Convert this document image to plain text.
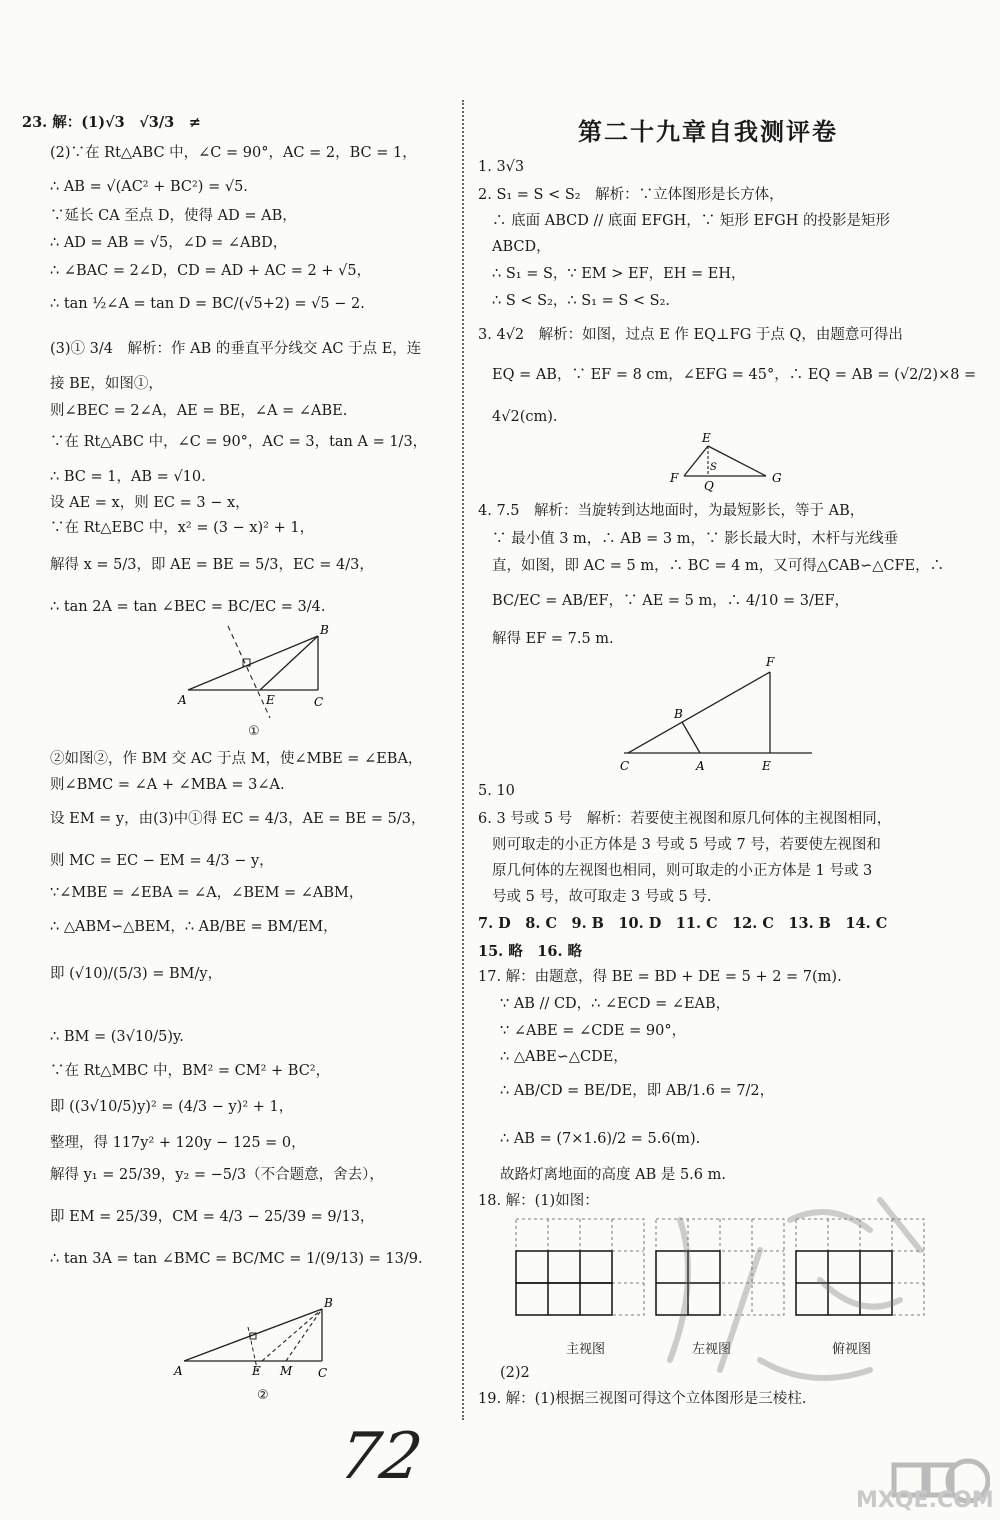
23. 解：(1)√3　√3/3　≠
(2)∵在 Rt△ABC 中，∠C = 90°，AC = 2，BC = 1，
∴ AB = √(AC² + BC²) = √5.
∵延长 CA 至点 D，使得 AD = AB，
∴ AD = AB = √5，∠D = ∠ABD，
∴ ∠BAC = 2∠D，CD = AD + AC = 2 + √5，
∴ tan ½∠A = tan D = BC/(√5+2) = √5 − 2.
(3)① 3/4　解析：作 AB 的垂直平分线交 AC 于点 E，连
接 BE，如图①，
则∠BEC = 2∠A，AE = BE，∠A = ∠ABE.
∵在 Rt△ABC 中，∠C = 90°，AC = 3，tan A = 1/3，
∴ BC = 1，AB = √10.
设 AE = x，则 EC = 3 − x，
∵在 Rt△EBC 中，x² = (3 − x)² + 1，
解得 x = 5/3，即 AE = BE = 5/3，EC = 4/3，
∴ tan 2A = tan ∠BEC = BC/EC = 3/4.
A
B
C
E
①
②如图②，作 BM 交 AC 于点 M，使∠MBE = ∠EBA，
则∠BMC = ∠A + ∠MBA = 3∠A.
设 EM = y，由(3)中①得 EC = 4/3，AE = BE = 5/3，
则 MC = EC − EM = 4/3 − y，
∵∠MBE = ∠EBA = ∠A，∠BEM = ∠ABM，
∴ △ABM∽△BEM，∴ AB/BE = BM/EM，
即 (√10)/(5/3) = BM/y，
∴ BM = (3√10/5)y.
∵在 Rt△MBC 中，BM² = CM² + BC²，
即 ((3√10/5)y)² = (4/3 − y)² + 1，
整理，得 117y² + 120y − 125 = 0，
解得 y₁ = 25/39，y₂ = −5/3（不合题意，舍去），
即 EM = 25/39，CM = 4/3 − 25/39 = 9/13，
∴ tan 3A = tan ∠BMC = BC/MC = 1/(9/13) = 13/9.
A
B
C
E M
②
第二十九章自我测评卷
1. 3√3
2. S₁ = S < S₂　解析：∵立体图形是长方体，
∴ 底面 ABCD // 底面 EFGH，∵ 矩形 EFGH 的投影是矩形
ABCD，
∴ S₁ = S，∵ EM > EF，EH = EH，
∴ S < S₂，∴ S₁ = S < S₂.
3. 4√2　解析：如图，过点 E 作 EQ⊥FG 于点 Q，由题意可得出
EQ = AB，∵ EF = 8 cm，∠EFG = 45°，∴ EQ = AB = (√2/2)×8 =
4√2(cm).
E
F	G
Q
S
4. 7.5　解析：当旋转到达地面时，为最短影长，等于 AB，
∵ 最小值 3 m，∴ AB = 3 m，∵ 影长最大时，木杆与光线垂
直，如图，即 AC = 5 m，∴ BC = 4 m，又可得△CAB∽△CFE，∴
BC/EC = AB/EF，∵ AE = 5 m，∴ 4/10 = 3/EF，
解得 EF = 7.5 m.
C	A	E
F
B
5. 10
6. 3 号或 5 号　解析：若要使主视图和原几何体的主视图相同，
则可取走的小正方体是 3 号或 5 号或 7 号，若要使左视图和
原几何体的左视图也相同，则可取走的小正方体是 1 号或 3
号或 5 号，故可取走 3 号或 5 号.
7. D　8. C　9. B　10. D　11. C　12. C　13. B　14. C
15. 略　16. 略
17. 解：由题意，得 BE = BD + DE = 5 + 2 = 7(m).
∵ AB // CD，∴ ∠ECD = ∠EAB，
∵ ∠ABE = ∠CDE = 90°，
∴ △ABE∽△CDE，
∴ AB/CD = BE/DE，即 AB/1.6 = 7/2，
∴ AB = (7×1.6)/2 = 5.6(m).
故路灯离地面的高度 AB 是 5.6 m.
18. 解：(1)如图：
主视图	左视图	俯视图
(2)2
19. 解：(1)根据三视图可得这个立体图形是三棱柱.
72
MXQE.COM
